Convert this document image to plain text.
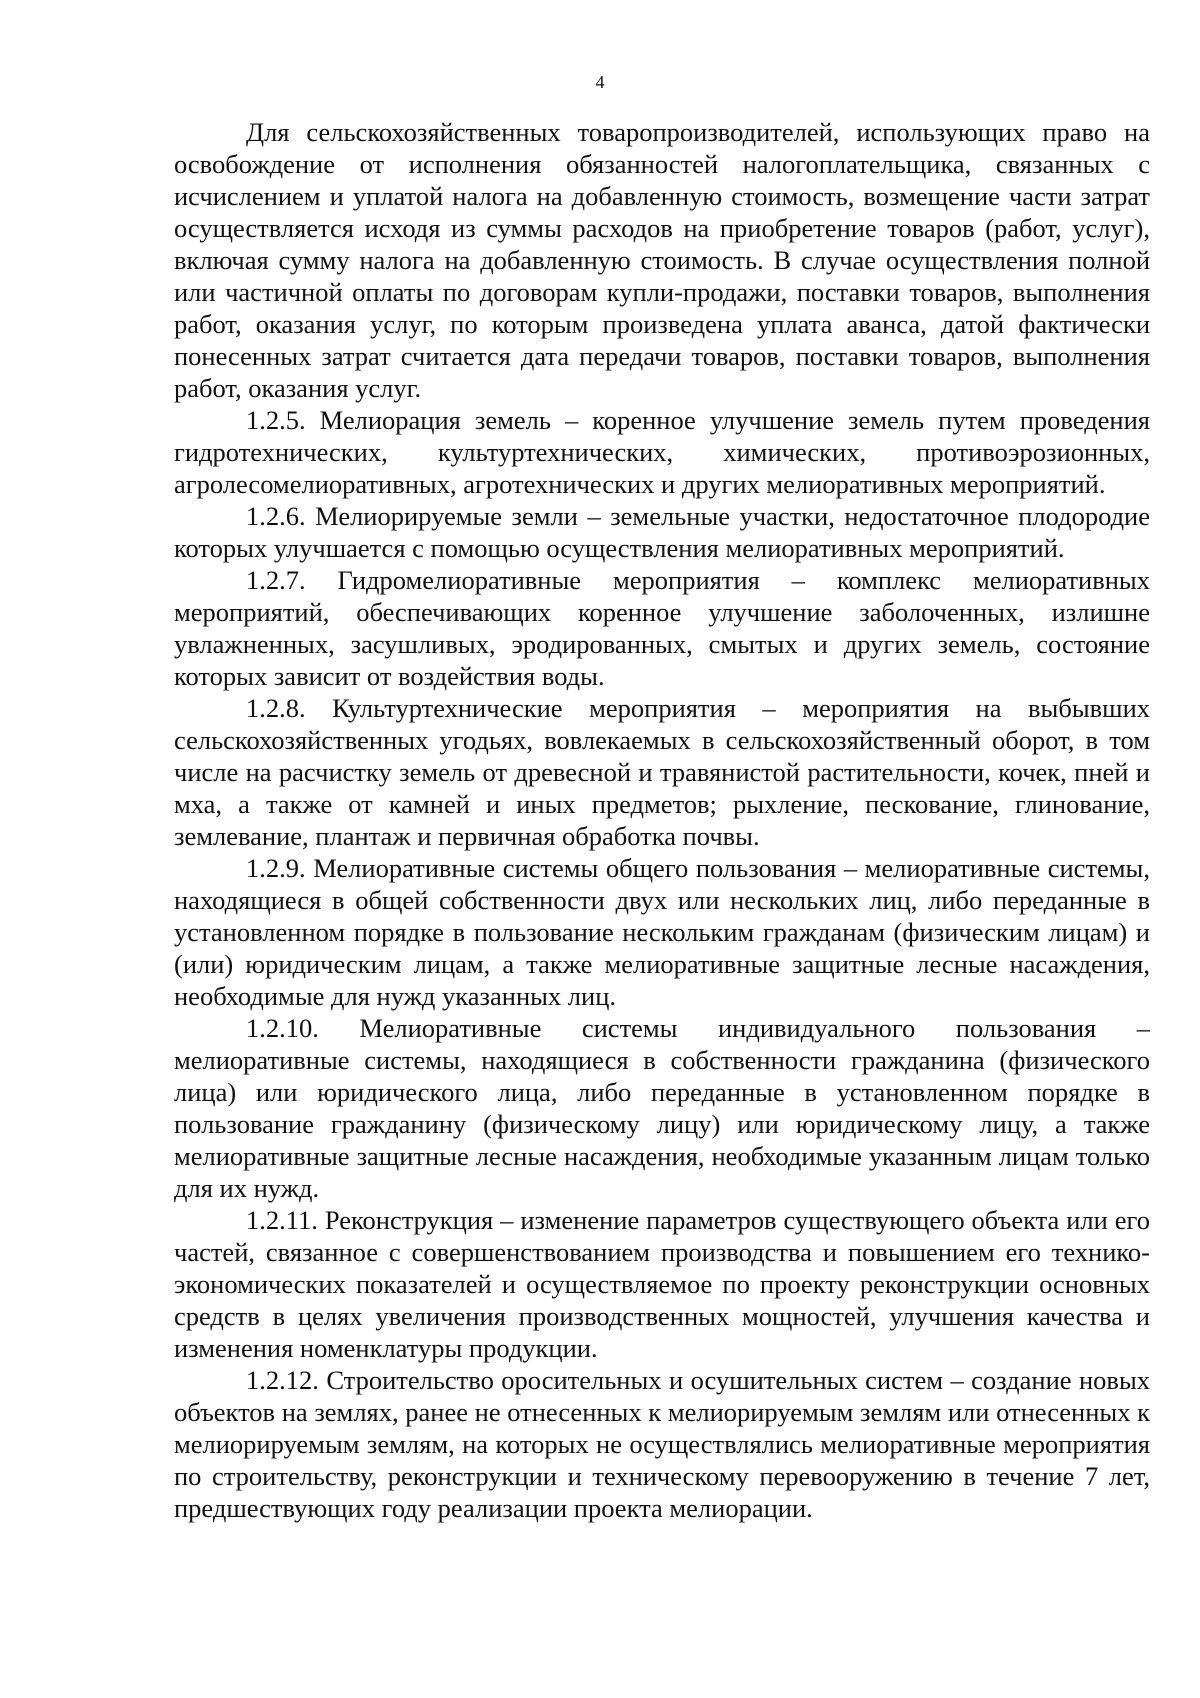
4

Для сельскохозяйственных товаропроизводителей, использующих право на освобождение от исполнения обязанностей налогоплательщика, связанных с исчислением и уплатой налога на добавленную стоимость, возмещение части затрат осуществляется исходя из суммы расходов на приобретение товаров (работ, услуг), включая сумму налога на добавленную стоимость. В случае осуществления полной или частичной оплаты по договорам купли-продажи, поставки товаров, выполнения работ, оказания услуг, по которым произведена уплата аванса, датой фактически понесенных затрат считается дата передачи товаров, поставки товаров, выполнения работ, оказания услуг.

1.2.5. Мелиорация земель – коренное улучшение земель путем проведения гидротехнических, культуртехнических, химических, противоэрозионных, агролесомелиоративных, агротехнических и других мелиоративных мероприятий.

1.2.6. Мелиорируемые земли – земельные участки, недостаточное плодородие которых улучшается с помощью осуществления мелиоративных мероприятий.

1.2.7. Гидромелиоративные мероприятия – комплекс мелиоративных мероприятий, обеспечивающих коренное улучшение заболоченных, излишне увлажненных, засушливых, эродированных, смытых и других земель, состояние которых зависит от воздействия воды.

1.2.8. Культуртехнические мероприятия – мероприятия на выбывших сельскохозяйственных угодьях, вовлекаемых в сельскохозяйственный оборот, в том числе на расчистку земель от древесной и травянистой растительности, кочек, пней и мха, а также от камней и иных предметов; рыхление, пескование, глинование, землевание, плантаж и первичная обработка почвы.

1.2.9. Мелиоративные системы общего пользования – мелиоративные системы, находящиеся в общей собственности двух или нескольких лиц, либо переданные в установленном порядке в пользование нескольким гражданам (физическим лицам) и (или) юридическим лицам, а также мелиоративные защитные лесные насаждения, необходимые для нужд указанных лиц.

1.2.10. Мелиоративные системы индивидуального пользования – мелиоративные системы, находящиеся в собственности гражданина (физического лица) или юридического лица, либо переданные в установленном порядке в пользование гражданину (физическому лицу) или юридическому лицу, а также мелиоративные защитные лесные насаждения, необходимые указанным лицам только для их нужд.

1.2.11. Реконструкция – изменение параметров существующего объекта или его частей, связанное с совершенствованием производства и повышением его технико-экономических показателей и осуществляемое по проекту реконструкции основных средств в целях увеличения производственных мощностей, улучшения качества и изменения номенклатуры продукции.

1.2.12. Строительство оросительных и осушительных систем – создание новых объектов на землях, ранее не отнесенных к мелиорируемым землям или отнесенных к мелиорируемым землям, на которых не осуществлялись мелиоративные мероприятия по строительству, реконструкции и техническому перевооружению в течение 7 лет, предшествующих году реализации проекта мелиорации.
